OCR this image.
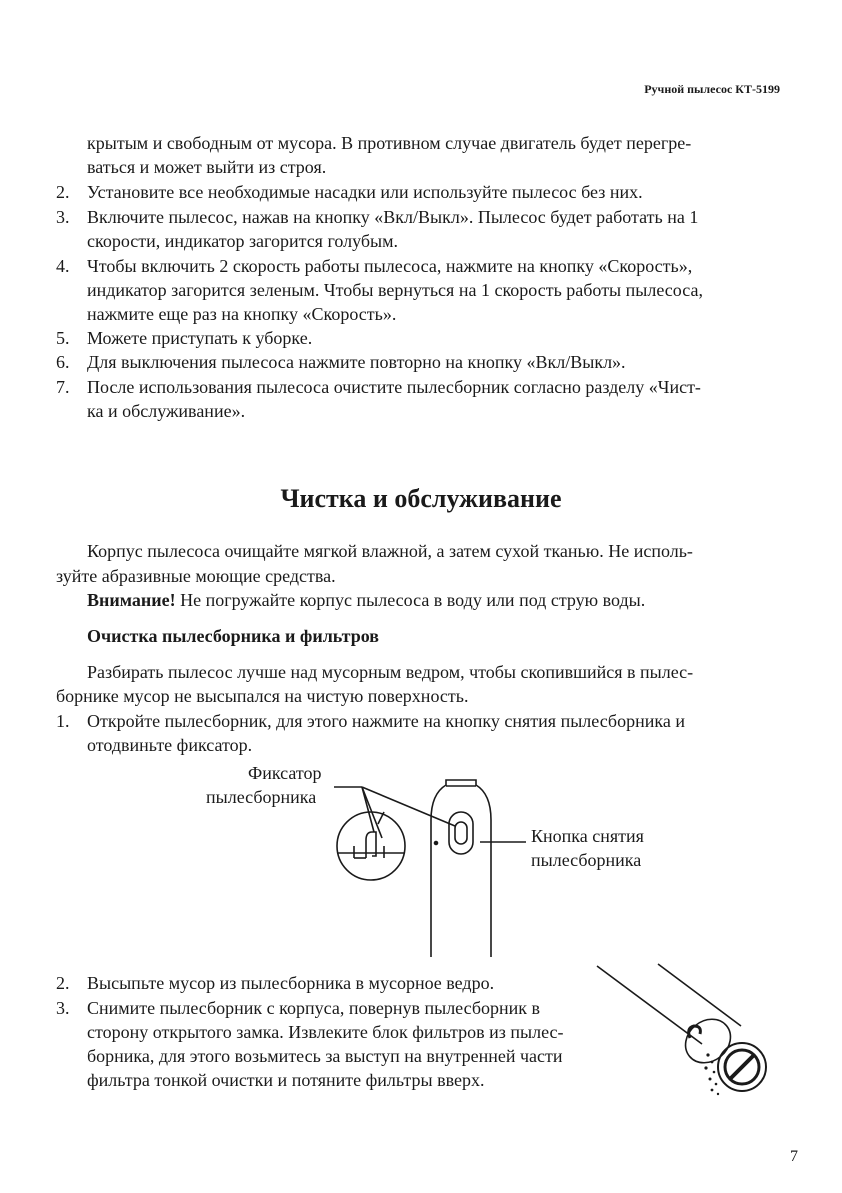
Ручной пылесос КТ-5199
крытым и свободным от мусора. В противном случае двигатель будет перегре-
ваться и может выйти из строя.
2. Установите все необходимые насадки или используйте пылесос без них.
3. Включите пылесос, нажав на кнопку «Вкл/Выкл». Пылесос будет работать на 1
скорости, индикатор загорится голубым.
4. Чтобы включить 2 скорость работы пылесоса, нажмите на кнопку «Скорость»,
индикатор загорится зеленым. Чтобы вернуться на 1 скорость работы пылесоса,
нажмите еще раз на кнопку «Скорость».
5. Можете приступать к уборке.
6. Для выключения пылесоса нажмите повторно на кнопку «Вкл/Выкл».
7. После использования пылесоса очистите пылесборник согласно разделу «Чист-
ка и обслуживание».
Чистка и обслуживание
Корпус пылесоса очищайте мягкой влажной, а затем сухой тканью. Не исполь-
зуйте абразивные моющие средства.
Внимание! Не погружайте корпус пылесоса в воду или под струю воды.
Очистка пылесборника и фильтров
Разбирать пылесос лучше над мусорным ведром, чтобы скопившийся в пылес-
борнике мусор не высыпался на чистую поверхность.
1. Откройте пылесборник, для этого нажмите на кнопку снятия пылесборника и
отодвиньте фиксатор.
Фиксатор
пылесборника
Кнопка снятия
пылесборника
2. Высыпьте мусор из пылесборника в мусорное ведро.
3. Снимите пылесборник с корпуса, повернув пылесборник в
сторону открытого замка. Извлеките блок фильтров из пылес-
борника, для этого возьмитесь за выступ на внутренней части
фильтра тонкой очистки и потяните фильтры вверх.
7
